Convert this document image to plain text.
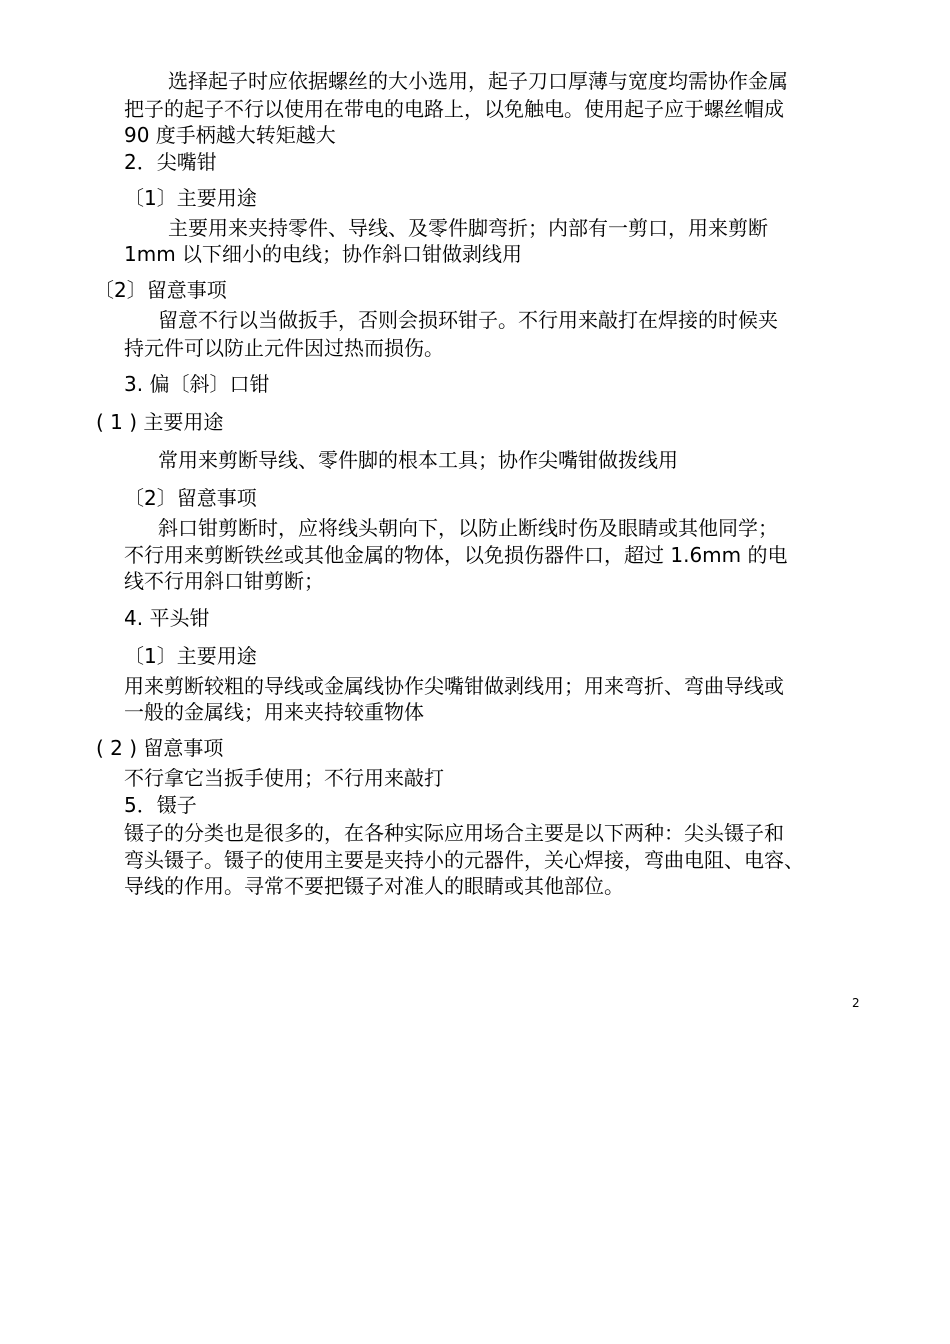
选择起子时应依据螺丝的大小选用，起子刀口厚薄与宽度均需协作金属
把子的起子不行以使用在带电的电路上，以免触电。使用起子应于螺丝帽成
90 度手柄越大转矩越大
2．尖嘴钳
〔1〕主要用途
主要用来夹持零件、导线、及零件脚弯折；内部有一剪口，用来剪断
1mm 以下细小的电线；协作斜口钳做剥线用
〔2〕留意事项
留意不行以当做扳手，否则会损环钳子。不行用来敲打在焊接的时候夹
持元件可以防止元件因过热而损伤。
3. 偏〔斜〕口钳
( 1 ) 主要用途
常用来剪断导线、零件脚的根本工具；协作尖嘴钳做拨线用
〔2〕留意事项
斜口钳剪断时，应将线头朝向下，以防止断线时伤及眼睛或其他同学；
不行用来剪断铁丝或其他金属的物体，以免损伤器件口，超过 1.6mm 的电
线不行用斜口钳剪断；
4. 平头钳
〔1〕主要用途
用来剪断较粗的导线或金属线协作尖嘴钳做剥线用；用来弯折、弯曲导线或
一般的金属线；用来夹持较重物体
( 2 ) 留意事项
不行拿它当扳手使用；不行用来敲打
5．镊子
镊子的分类也是很多的，在各种实际应用场合主要是以下两种：尖头镊子和
弯头镊子。镊子的使用主要是夹持小的元器件，关心焊接，弯曲电阻、电容、
导线的作用。寻常不要把镊子对准人的眼睛或其他部位。
2
